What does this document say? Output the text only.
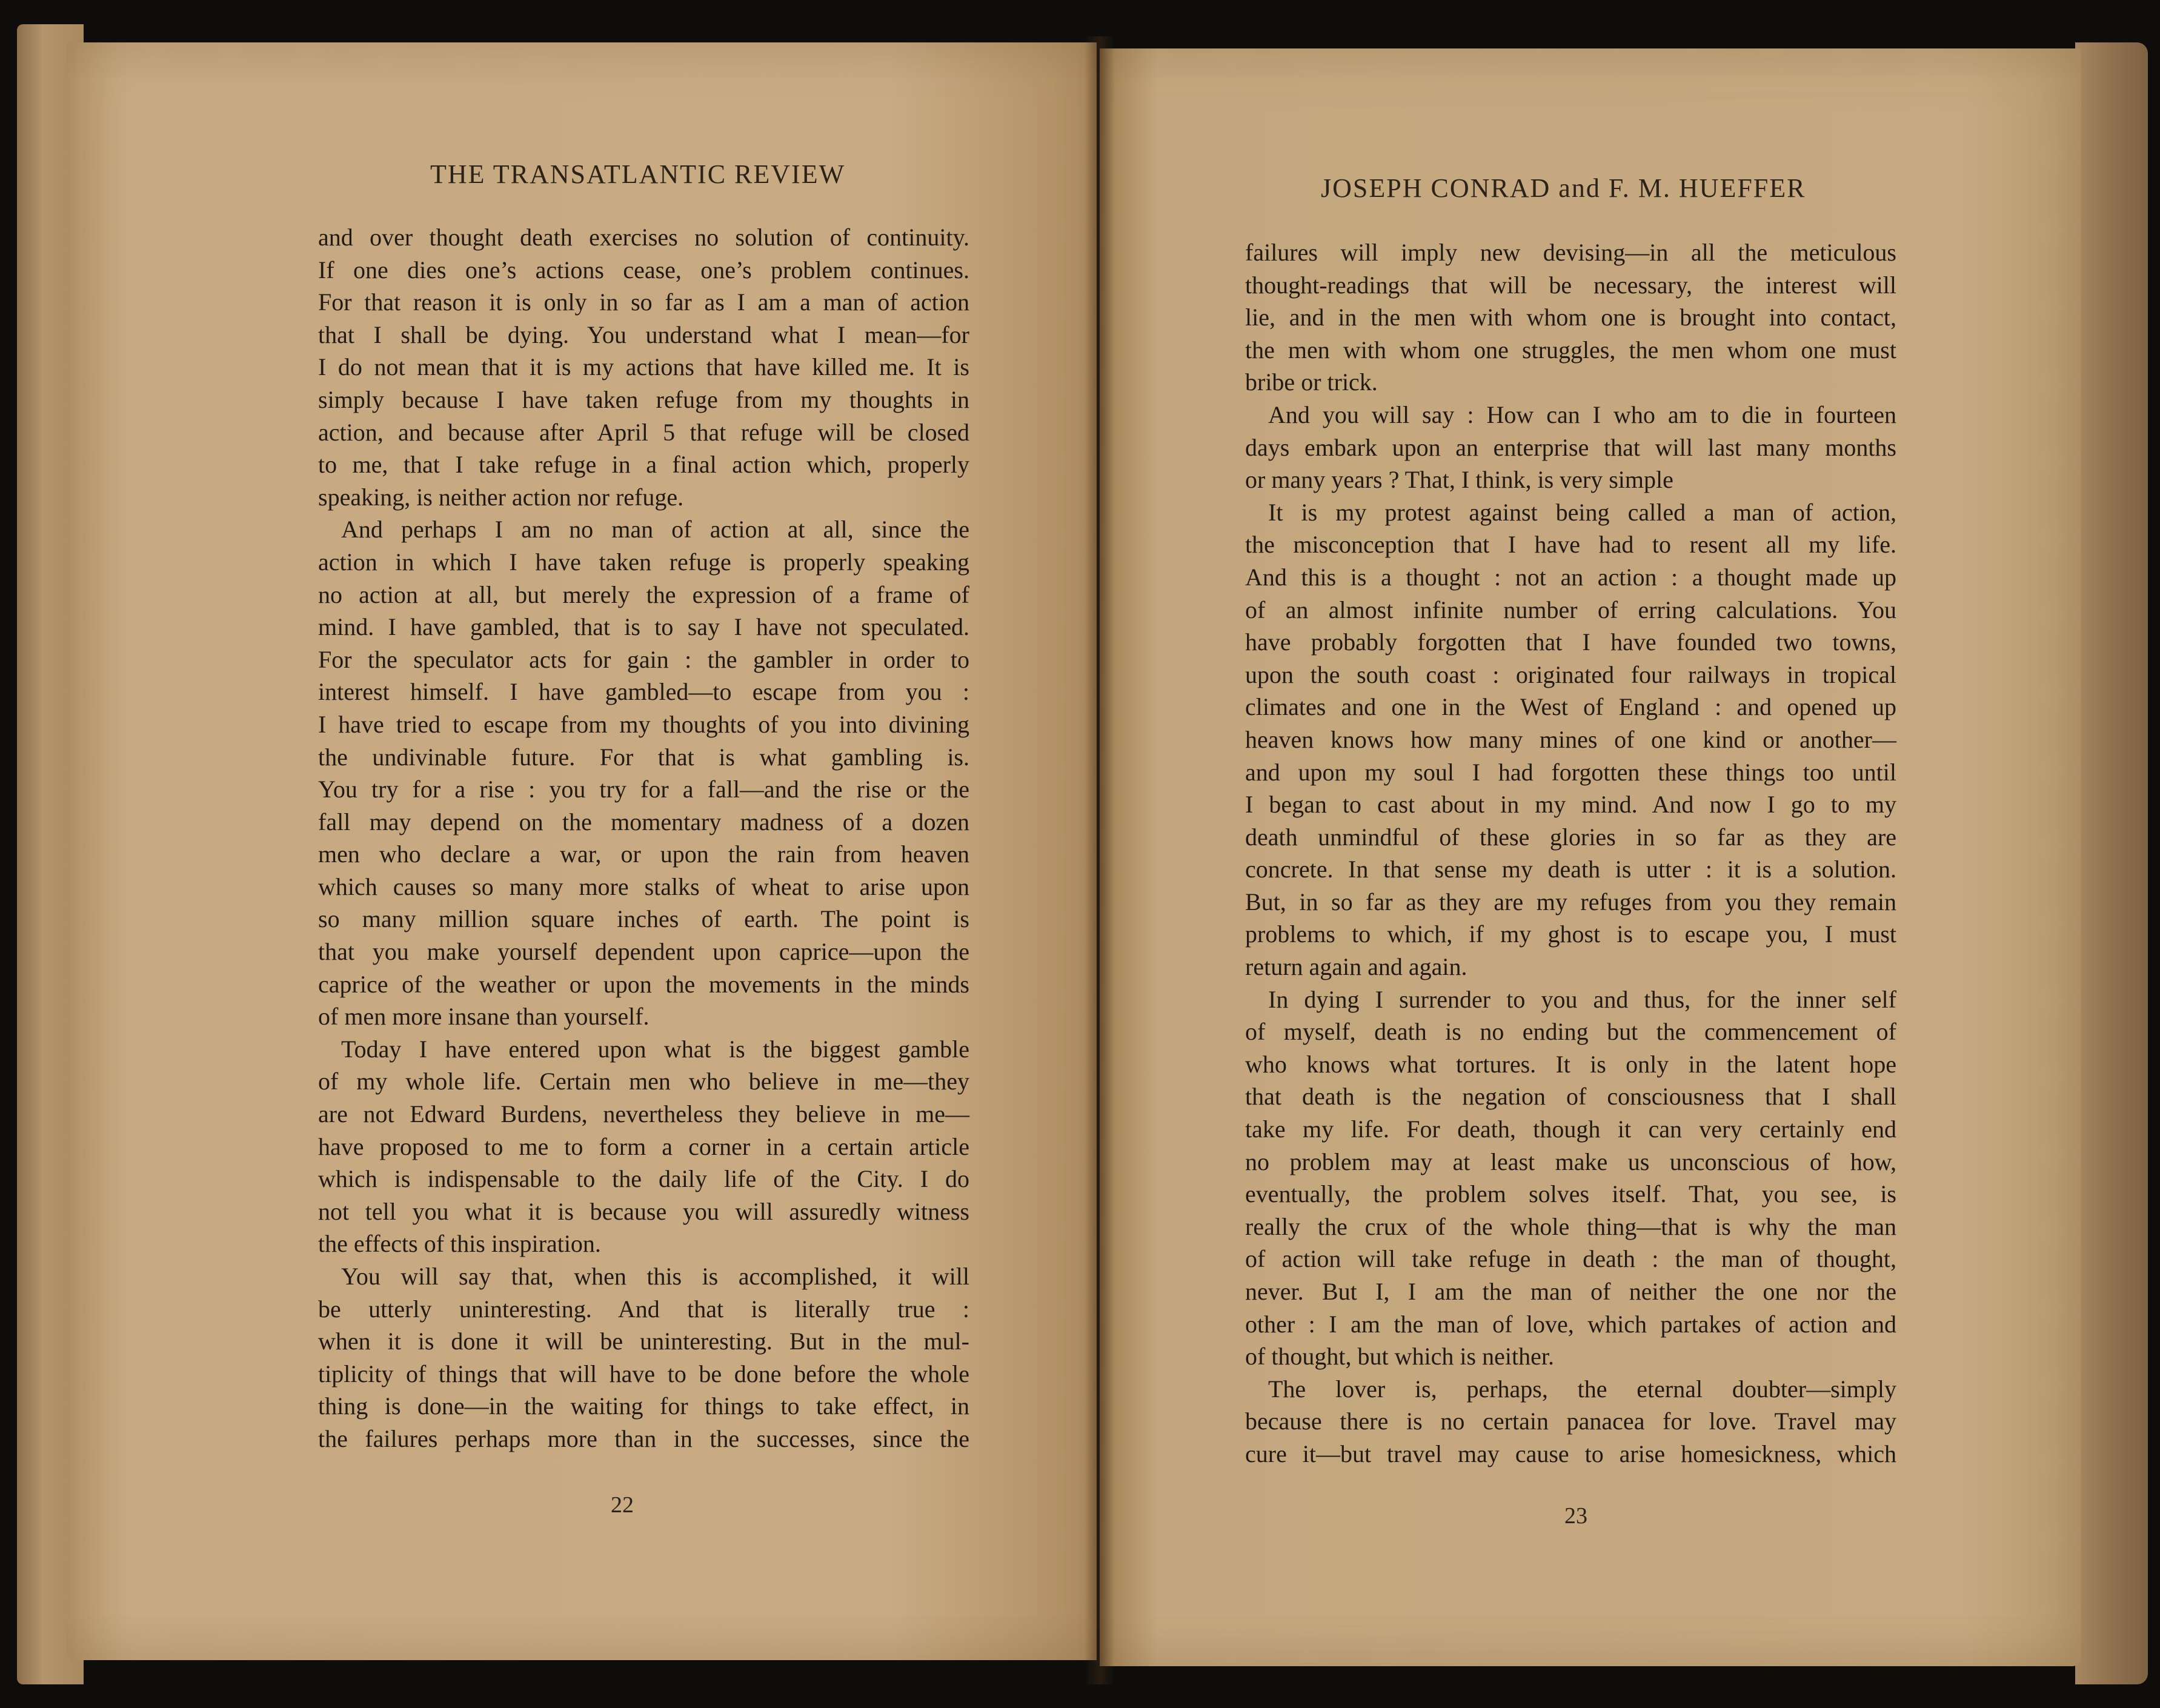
THE TRANSATLANTIC REVIEW	JOSEPH CONRAD and F. M. HUEFFER
and over thought death exercises no solution of continuity.
If one dies one’s actions cease, one’s problem continues.
For that reason it is only in so far as I am a man of action
that I shall be dying. You understand what I mean—for
I do not mean that it is my actions that have killed me. It is
simply because I have taken refuge from my thoughts in
action, and because after April 5 that refuge will be closed
to me, that I take refuge in a final action which, properly
speaking, is neither action nor refuge.
And perhaps I am no man of action at all, since the
action in which I have taken refuge is properly speaking
no action at all, but merely the expression of a frame of
mind. I have gambled, that is to say I have not speculated.
For the speculator acts for gain : the gambler in order to
interest himself. I have gambled—to escape from you :
I have tried to escape from my thoughts of you into divining
the undivinable future. For that is what gambling is.
You try for a rise : you try for a fall—and the rise or the
fall may depend on the momentary madness of a dozen
men who declare a war, or upon the rain from heaven
which causes so many more stalks of wheat to arise upon
so many million square inches of earth. The point is
that you make yourself dependent upon caprice—upon the
caprice of the weather or upon the movements in the minds
of men more insane than yourself.
Today I have entered upon what is the biggest gamble
of my whole life. Certain men who believe in me—they
are not Edward Burdens, nevertheless they believe in me—
have proposed to me to form a corner in a certain article
which is indispensable to the daily life of the City. I do
not tell you what it is because you will assuredly witness
the effects of this inspiration.
You will say that, when this is accomplished, it will
be utterly uninteresting. And that is literally true :
when it is done it will be uninteresting. But in the mul-
tiplicity of things that will have to be done before the whole
thing is done—in the waiting for things to take effect, in
the failures perhaps more than in the successes, since the
failures will imply new devising—in all the meticulous
thought-readings that will be necessary, the interest will
lie, and in the men with whom one is brought into contact,
the men with whom one struggles, the men whom one must
bribe or trick.
And you will say : How can I who am to die in fourteen
days embark upon an enterprise that will last many months
or many years ? That, I think, is very simple
It is my protest against being called a man of action,
the misconception that I have had to resent all my life.
And this is a thought : not an action : a thought made up
of an almost infinite number of erring calculations. You
have probably forgotten that I have founded two towns,
upon the south coast : originated four railways in tropical
climates and one in the West of England : and opened up
heaven knows how many mines of one kind or another—
and upon my soul I had forgotten these things too until
I began to cast about in my mind. And now I go to my
death unmindful of these glories in so far as they are
concrete. In that sense my death is utter : it is a solution.
But, in so far as they are my refuges from you they remain
problems to which, if my ghost is to escape you, I must
return again and again.
In dying I surrender to you and thus, for the inner self
of myself, death is no ending but the commencement of
who knows what tortures. It is only in the latent hope
that death is the negation of consciousness that I shall
take my life. For death, though it can very certainly end
no problem may at least make us unconscious of how,
eventually, the problem solves itself. That, you see, is
really the crux of the whole thing—that is why the man
of action will take refuge in death : the man of thought,
never. But I, I am the man of neither the one nor the
other : I am the man of love, which partakes of action and
of thought, but which is neither.
The lover is, perhaps, the eternal doubter—simply
because there is no certain panacea for love. Travel may
cure it—but travel may cause to arise homesickness, which
22	23
